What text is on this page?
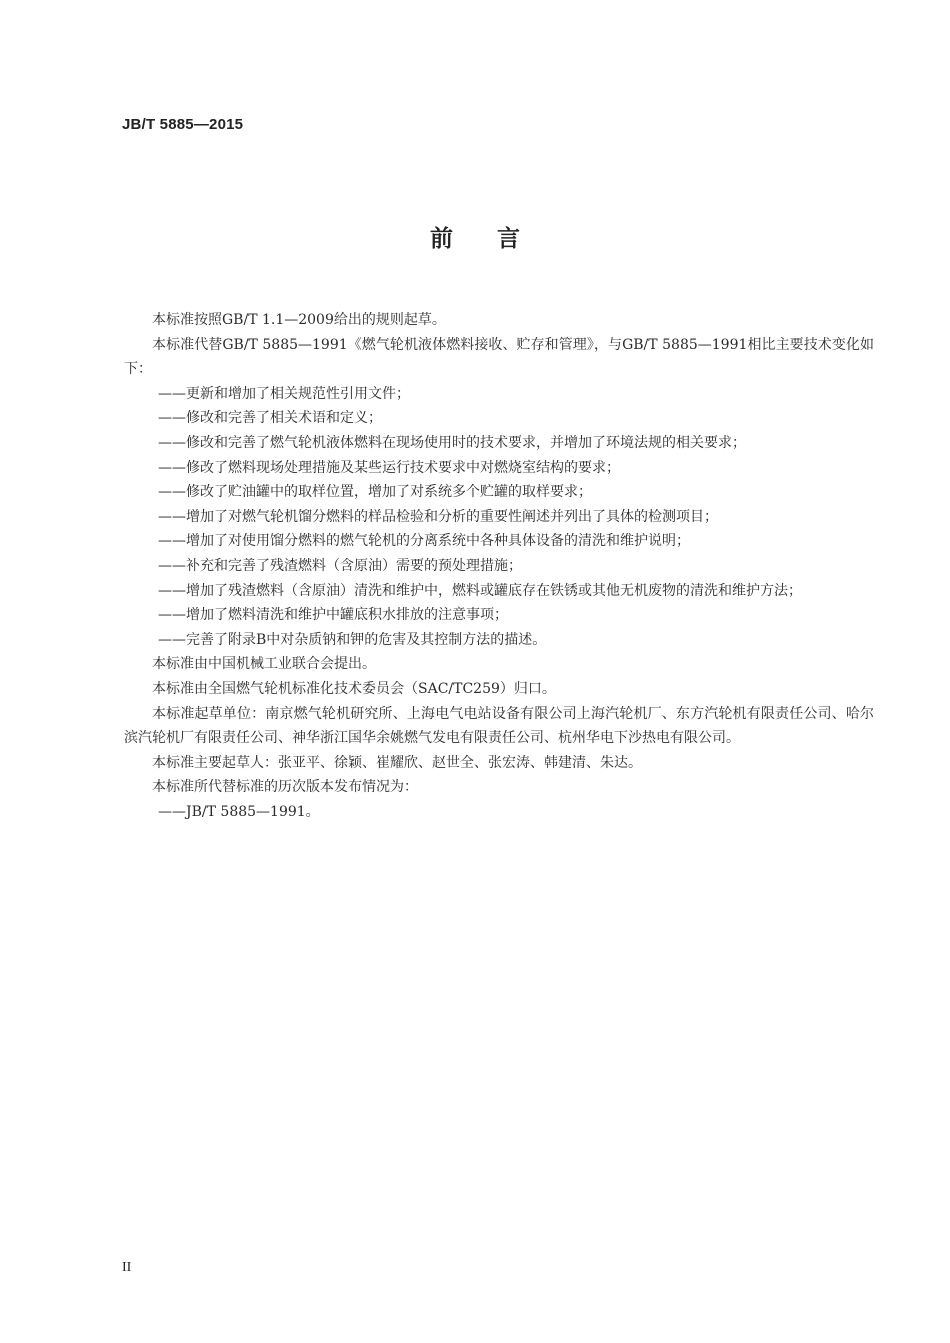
JB/T 5885—2015
前言

本标准按照GB/T 1.1—2009给出的规则起草。

本标准代替GB/T 5885—1991《燃气轮机液体燃料接收、贮存和管理》，与GB/T 5885—1991相比主要技术变化如下：

——更新和增加了相关规范性引用文件；

——修改和完善了相关术语和定义；

——修改和完善了燃气轮机液体燃料在现场使用时的技术要求，并增加了环境法规的相关要求；

——修改了燃料现场处理措施及某些运行技术要求中对燃烧室结构的要求；

——修改了贮油罐中的取样位置，增加了对系统多个贮罐的取样要求；

——增加了对燃气轮机馏分燃料的样品检验和分析的重要性阐述并列出了具体的检测项目；

——增加了对使用馏分燃料的燃气轮机的分离系统中各种具体设备的清洗和维护说明；

——补充和完善了残渣燃料（含原油）需要的预处理措施；

——增加了残渣燃料（含原油）清洗和维护中，燃料或罐底存在铁锈或其他无机废物的清洗和维护方法；

——增加了燃料清洗和维护中罐底积水排放的注意事项；

——完善了附录B中对杂质钠和钾的危害及其控制方法的描述。

本标准由中国机械工业联合会提出。

本标准由全国燃气轮机标准化技术委员会（SAC/TC259）归口。

本标准起草单位：南京燃气轮机研究所、上海电气电站设备有限公司上海汽轮机厂、东方汽轮机有限责任公司、哈尔滨汽轮机厂有限责任公司、神华浙江国华余姚燃气发电有限责任公司、杭州华电下沙热电有限公司。

本标准主要起草人：张亚平、徐颖、崔耀欣、赵世全、张宏涛、韩建清、朱达。

本标准所代替标准的历次版本发布情况为：

——JB/T 5885—1991。

II
